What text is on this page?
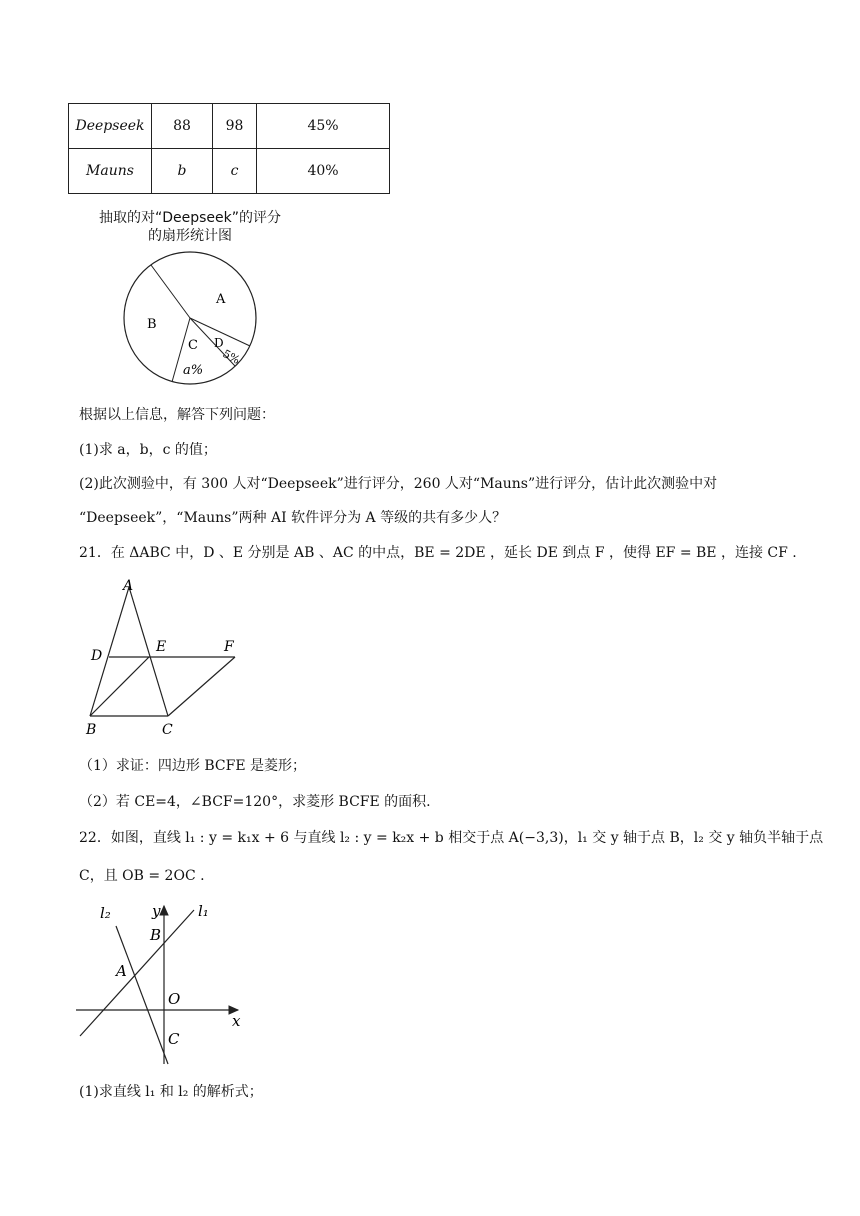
Deepseek	88	98	45%
Mauns	b	c	40%
抽取的对“Deepseek”的评分
的扇形统计图
A
B
C
a%
D
5%
根据以上信息，解答下列问题：
(1)求 a，b，c 的值；
(2)此次测验中，有 300 人对“Deepseek”进行评分，260 人对“Mauns”进行评分，估计此次测验中对
“Deepseek”，“Mauns”两种 AI 软件评分为 A 等级的共有多少人？
21．在 ΔABC 中，D 、E 分别是 AB 、AC 的中点，BE = 2DE ，延长 DE 到点 F ，使得 EF = BE ，连接 CF .
A
D
E	F
B	C
（1）求证：四边形 BCFE 是菱形；
（2）若 CE=4，∠BCF=120°，求菱形 BCFE 的面积.
22．如图，直线 l₁ : y = k₁x + 6 与直线 l₂ : y = k₂x + b 相交于点 A(−3,3)，l₁ 交 y 轴于点 B，l₂ 交 y 轴负半轴于点
C，且 OB = 2OC .
l₁
l₂	y
B
A
O
x
C
(1)求直线 l₁ 和 l₂ 的解析式；
